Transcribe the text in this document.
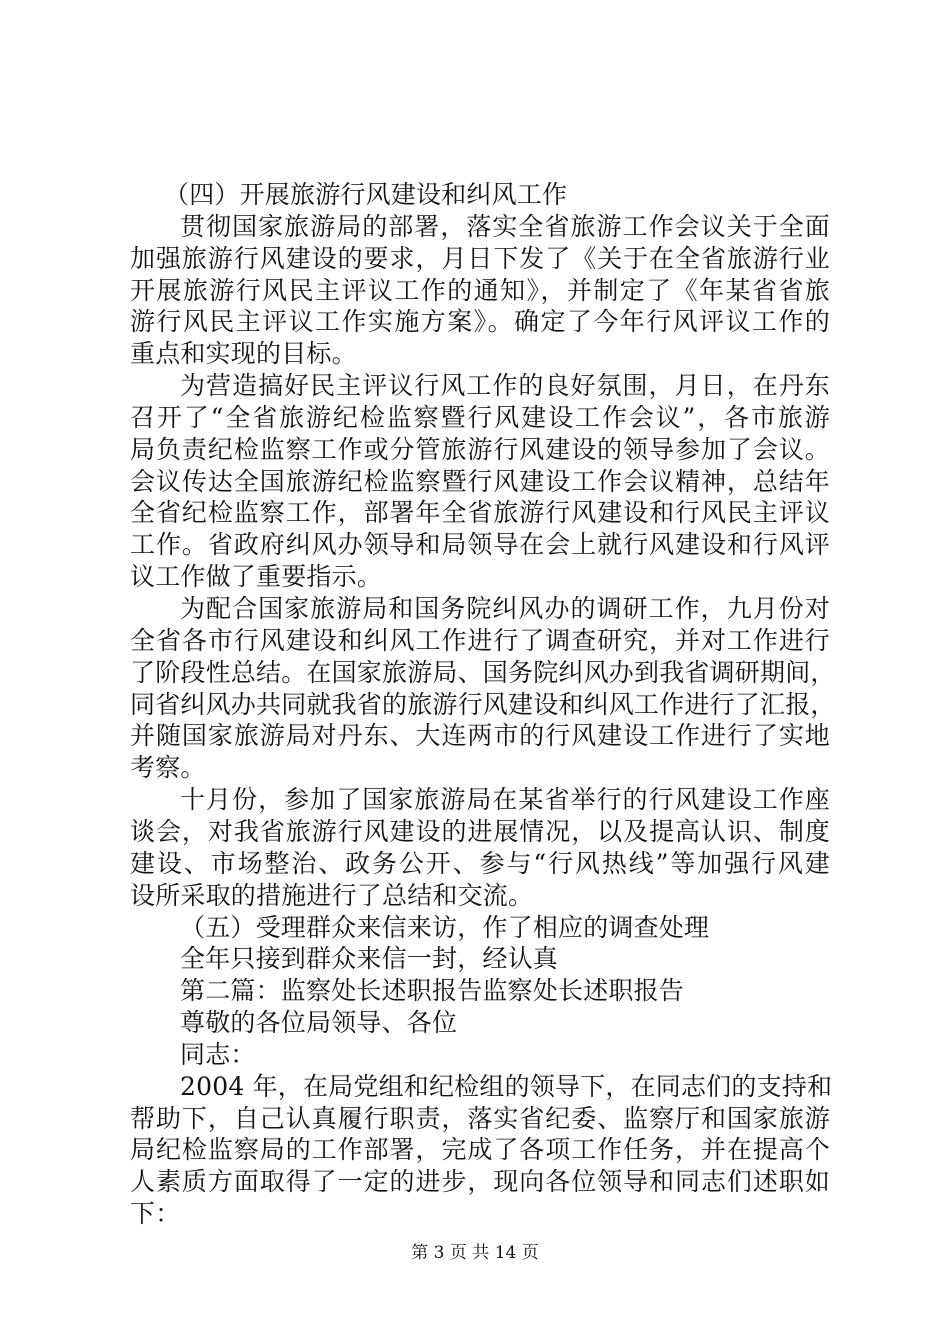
（四）开展旅游行风建设和纠风工作
贯彻国家旅游局的部署，落实全省旅游工作会议关于全面
加强旅游行风建设的要求，月日下发了《关于在全省旅游行业
开展旅游行风民主评议工作的通知》，并制定了《年某省省旅
游行风民主评议工作实施方案》。确定了今年行风评议工作的
重点和实现的目标。
为营造搞好民主评议行风工作的良好氛围，月日，在丹东
召开了“全省旅游纪检监察暨行风建设工作会议”，各市旅游
局负责纪检监察工作或分管旅游行风建设的领导参加了会议。
会议传达全国旅游纪检监察暨行风建设工作会议精神，总结年
全省纪检监察工作，部署年全省旅游行风建设和行风民主评议
工作。省政府纠风办领导和局领导在会上就行风建设和行风评
议工作做了重要指示。
为配合国家旅游局和国务院纠风办的调研工作，九月份对
全省各市行风建设和纠风工作进行了调查研究，并对工作进行
了阶段性总结。在国家旅游局、国务院纠风办到我省调研期间，
同省纠风办共同就我省的旅游行风建设和纠风工作进行了汇报，
并随国家旅游局对丹东、大连两市的行风建设工作进行了实地
考察。
十月份，参加了国家旅游局在某省举行的行风建设工作座
谈会，对我省旅游行风建设的进展情况，以及提高认识、制度
建设、市场整治、政务公开、参与“行风热线”等加强行风建
设所采取的措施进行了总结和交流。
（五）受理群众来信来访，作了相应的调查处理
全年只接到群众来信一封，经认真
第二篇：监察处长述职报告监察处长述职报告
尊敬的各位局领导、各位
同志：
2004 年，在局党组和纪检组的领导下，在同志们的支持和
帮助下，自己认真履行职责，落实省纪委、监察厅和国家旅游
局纪检监察局的工作部署，完成了各项工作任务，并在提高个
人素质方面取得了一定的进步，现向各位领导和同志们述职如
下：
第 3 页 共 14 页
